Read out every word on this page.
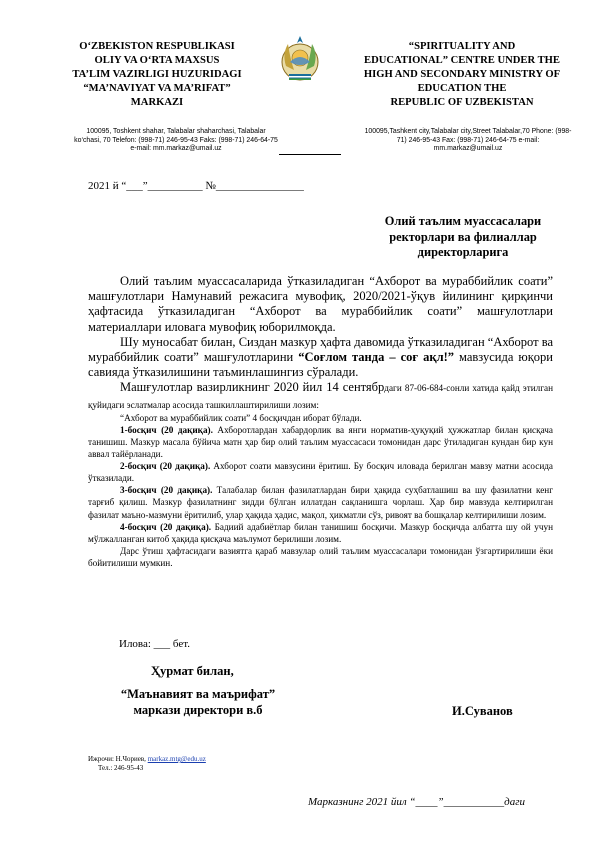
O‘ZBEKISTON RESPUBLIKASI
OLIY VA O‘RTA MAXSUS
TA’LIM VAZIRLIGI HUZURIDAGI
“MA’NAVIYAT VA MA’RIFAT”
MARKAZI
“SPIRITUALITY AND
EDUCATIONAL” CENTRE UNDER THE
HIGH AND SECONDARY MINISTRY OF
EDUCATION THE
REPUBLIC OF UZBEKISTAN
100095, Toshkent shahar, Talabalar shaharchasi, Talabalar ko‘chasi, 70 Telefon: (998-71) 246-95-43 Faks: (998-71) 246-64-75 e-mail: mm.markaz@umail.uz
100095,Tashkent city,Talabalar city,Street Talabalar,70 Phone: (998-71) 246-95-43 Fax: (998-71) 246-64-75 e-mail: mm.markaz@umail.uz
2021 й “___”__________ №________________
Олий таълим муассасалари
ректорлари ва филиаллар
директорларига

Олий таълим муассасаларида ўтказиладиган “Ахборот ва мураббийлик соати” машғулотлари Намунавий режасига мувофиқ, 2020/2021-ўқув йилининг қирқинчи ҳафтасида ўтказиладиган “Ахборот ва мураббийлик соати” машғулотлари материаллари иловага мувофиқ юборилмоқда.

Шу муносабат билан, Сиздан мазкур ҳафта давомида ўтказиладиган “Ахборот ва мураббийлик соати” машғулотларини “Соғлом танда – соғ ақл!” мавзусида юқори савияда ўтказилишини таъминлашингиз сўралади.

Машғулотлар вазирликнинг 2020 йил 14 сентябрдаги 87-06-684-сонли хатида қайд этилган қуйидаги эслатмалар асосида ташкиллаштирилиши лозим:

“Ахборот ва мураббийлик соати” 4 босқичдан иборат бўлади.

1-босқич (20 дақиқа). Ахборотлардан хабардорлик ва янги норматив-ҳуқуқий ҳужжатлар билан қисқача танишиш. Мазкур масала бўйича матн ҳар бир олий таълим муассасаси томонидан дарс ўтиладиган кундан бир кун аввал тайёрланади.

2-босқич (20 дақиқа). Ахборот соати мавзусини ёритиш. Бу босқич иловада берилган мавзу матни асосида ўтказилади.

3-босқич (20 дақиқа). Талабалар билан фазилатлардан бири ҳақида суҳбатлашиш ва шу фазилатни кенг тарғиб қилиш. Мазкур фазилатнинг зидди бўлган иллатдан сақланишга чорлаш. Ҳар бир мавзуда келтирилган фазилат маъно-мазмуни ёритилиб, улар ҳақида ҳадис, мақол, ҳикматли сўз, ривоят ва бошқалар келтирилиши лозим.

4-босқич (20 дақиқа). Бадиий адабиётлар билан танишиш босқичи. Мазкур босқичда албатта шу ой учун мўлжалланган китоб ҳақида қисқача маълумот берилиши лозим.

Дарс ўтиш ҳафтасидаги вазиятга қараб мавзулар олий таълим муассасалари томонидан ўзгартирилиши ёки бойитилиши мумкин.

Илова: ___ бет.
Ҳурмат билан,
“Маънавият ва маърифат”
маркази директори в.б	И.Суванов
Ижрочи: Н.Чориев, markaz.mtg@edu.uz
Тел.: 246-95-43
Марказнинг 2021 йил “____”___________даги
